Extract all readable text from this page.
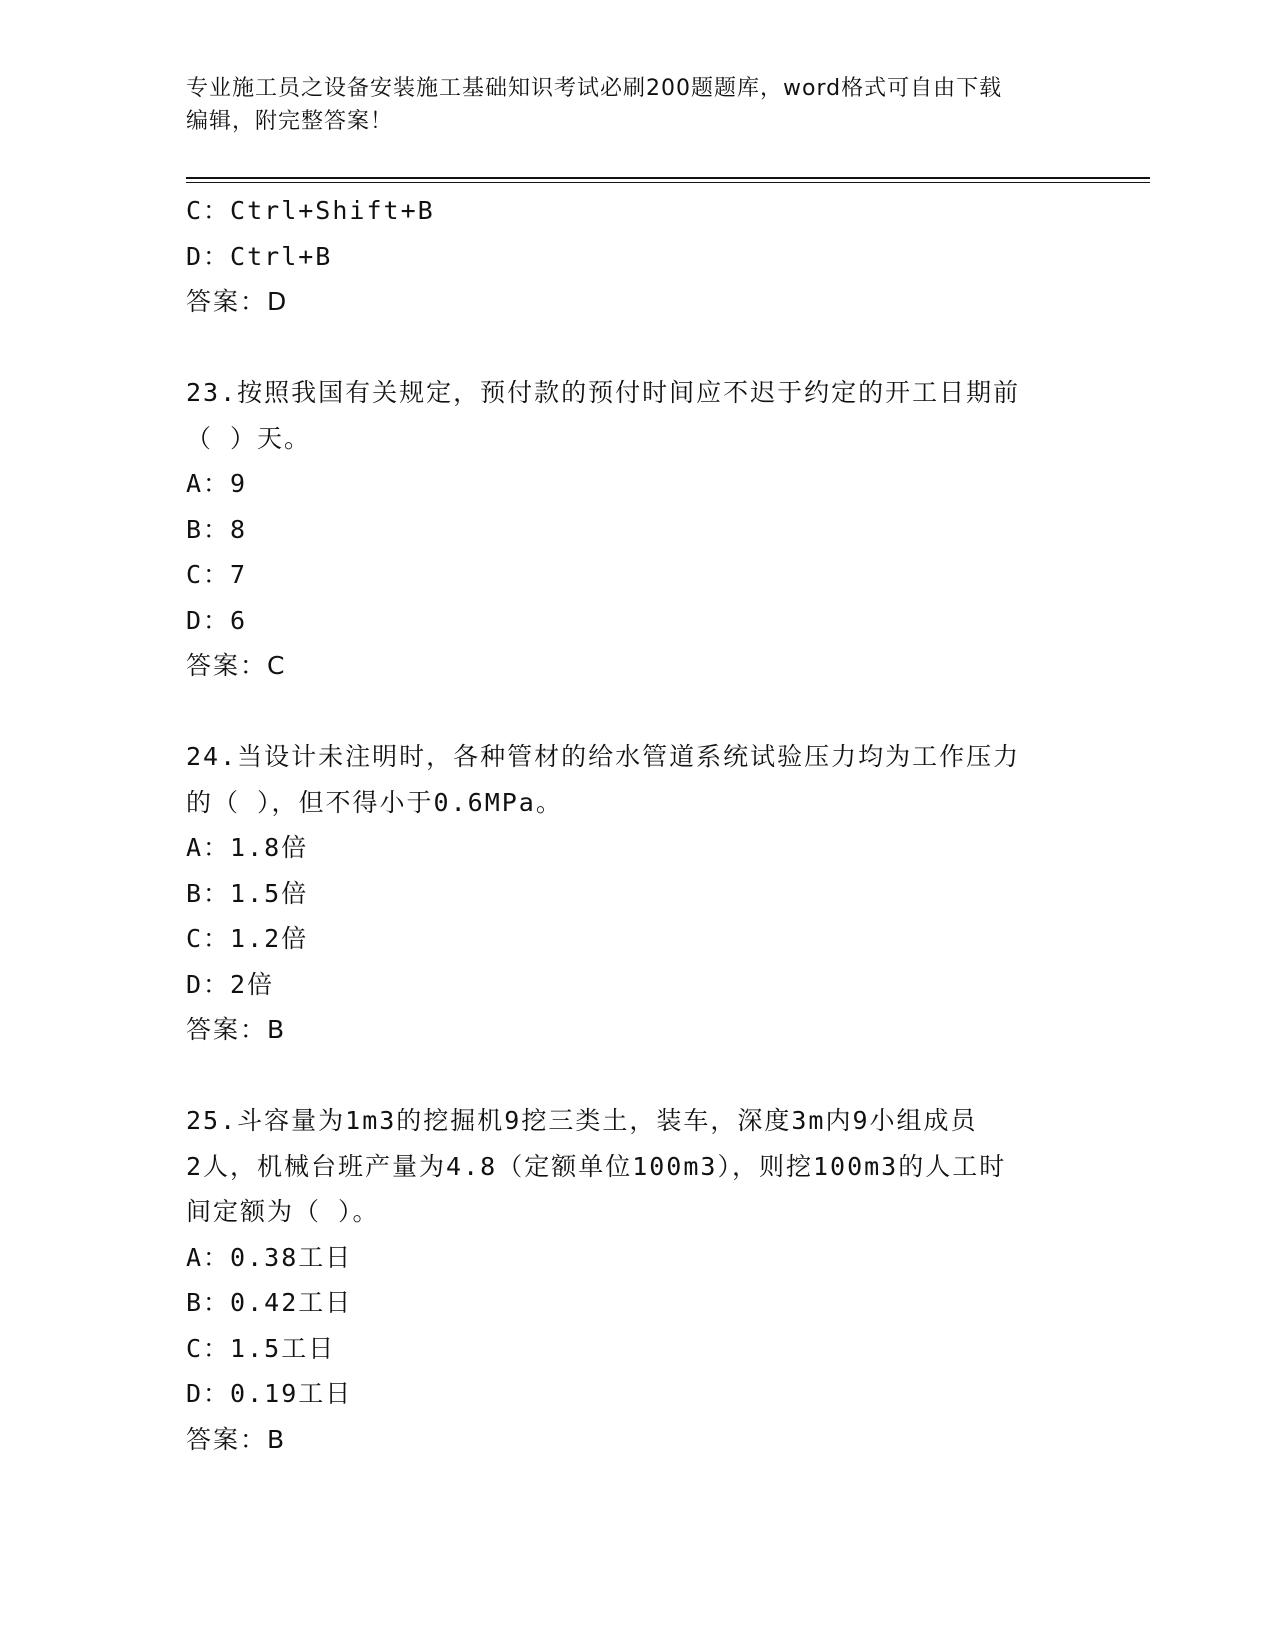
专业施工员之设备安装施工基础知识考试必刷200题题库，word格式可自由下载
编辑，附完整答案！
C：Ctrl+Shift+B
D：Ctrl+B
答案：D
23.按照我国有关规定，预付款的预付时间应不迟于约定的开工日期前
（ ）天。
A：9
B：8
C：7
D：6
答案：C
24.当设计未注明时，各种管材的给水管道系统试验压力均为工作压力
的（ ），但不得小于0.6MPa。
A：1.8倍
B：1.5倍
C：1.2倍
D：2倍
答案：B
25.斗容量为1m3的挖掘机9挖三类土，装车，深度3m内9小组成员
2人，机械台班产量为4.8（定额单位100m3），则挖100m3的人工时
间定额为（ ）。
A：0.38工日
B：0.42工日
C：1.5工日
D：0.19工日
答案：B
